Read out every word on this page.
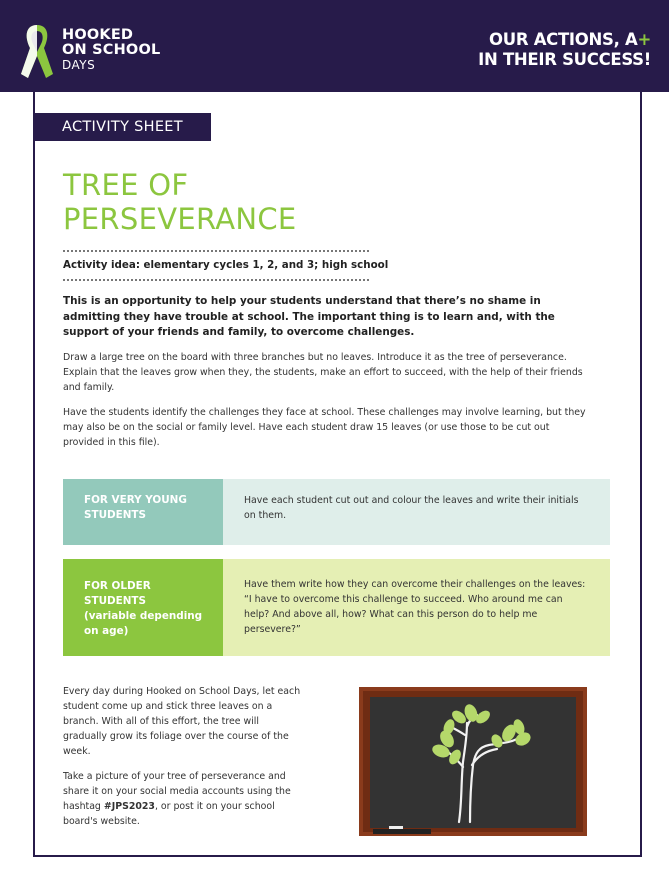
HOOKED
ON SCHOOL
DAYS
OUR ACTIONS, A+
IN THEIR SUCCESS!
ACTIVITY SHEET
TREE OF
PERSEVERANCE
Activity idea: elementary cycles 1, 2, and 3; high school
This is an opportunity to help your students understand that there’s no shame in admitting they have trouble at school. The important thing is to learn and, with the support of your friends and family, to overcome challenges.
Draw a large tree on the board with three branches but no leaves. Introduce it as the tree of perseverance. Explain that the leaves grow when they, the students, make an effort to succeed, with the help of their friends and family.
Have the students identify the challenges they face at school. These challenges may involve learning, but they may also be on the social or family level. Have each student draw 15 leaves (or use those to be cut out provided in this file).
FOR VERY YOUNG STUDENTS
Have each student cut out and colour the leaves and write their initials on them.
FOR OLDER STUDENTS
(variable depending on age)
Have them write how they can overcome their challenges on the leaves: “I have to overcome this challenge to succeed. Who around me can help? And above all, how? What can this person do to help me persevere?”
Every day during Hooked on School Days, let each student come up and stick three leaves on a branch. With all of this effort, the tree will gradually grow its foliage over the course of the week.
Take a picture of your tree of perseverance and share it on your social media accounts using the hashtag #JPS2023, or post it on your school board's website.
